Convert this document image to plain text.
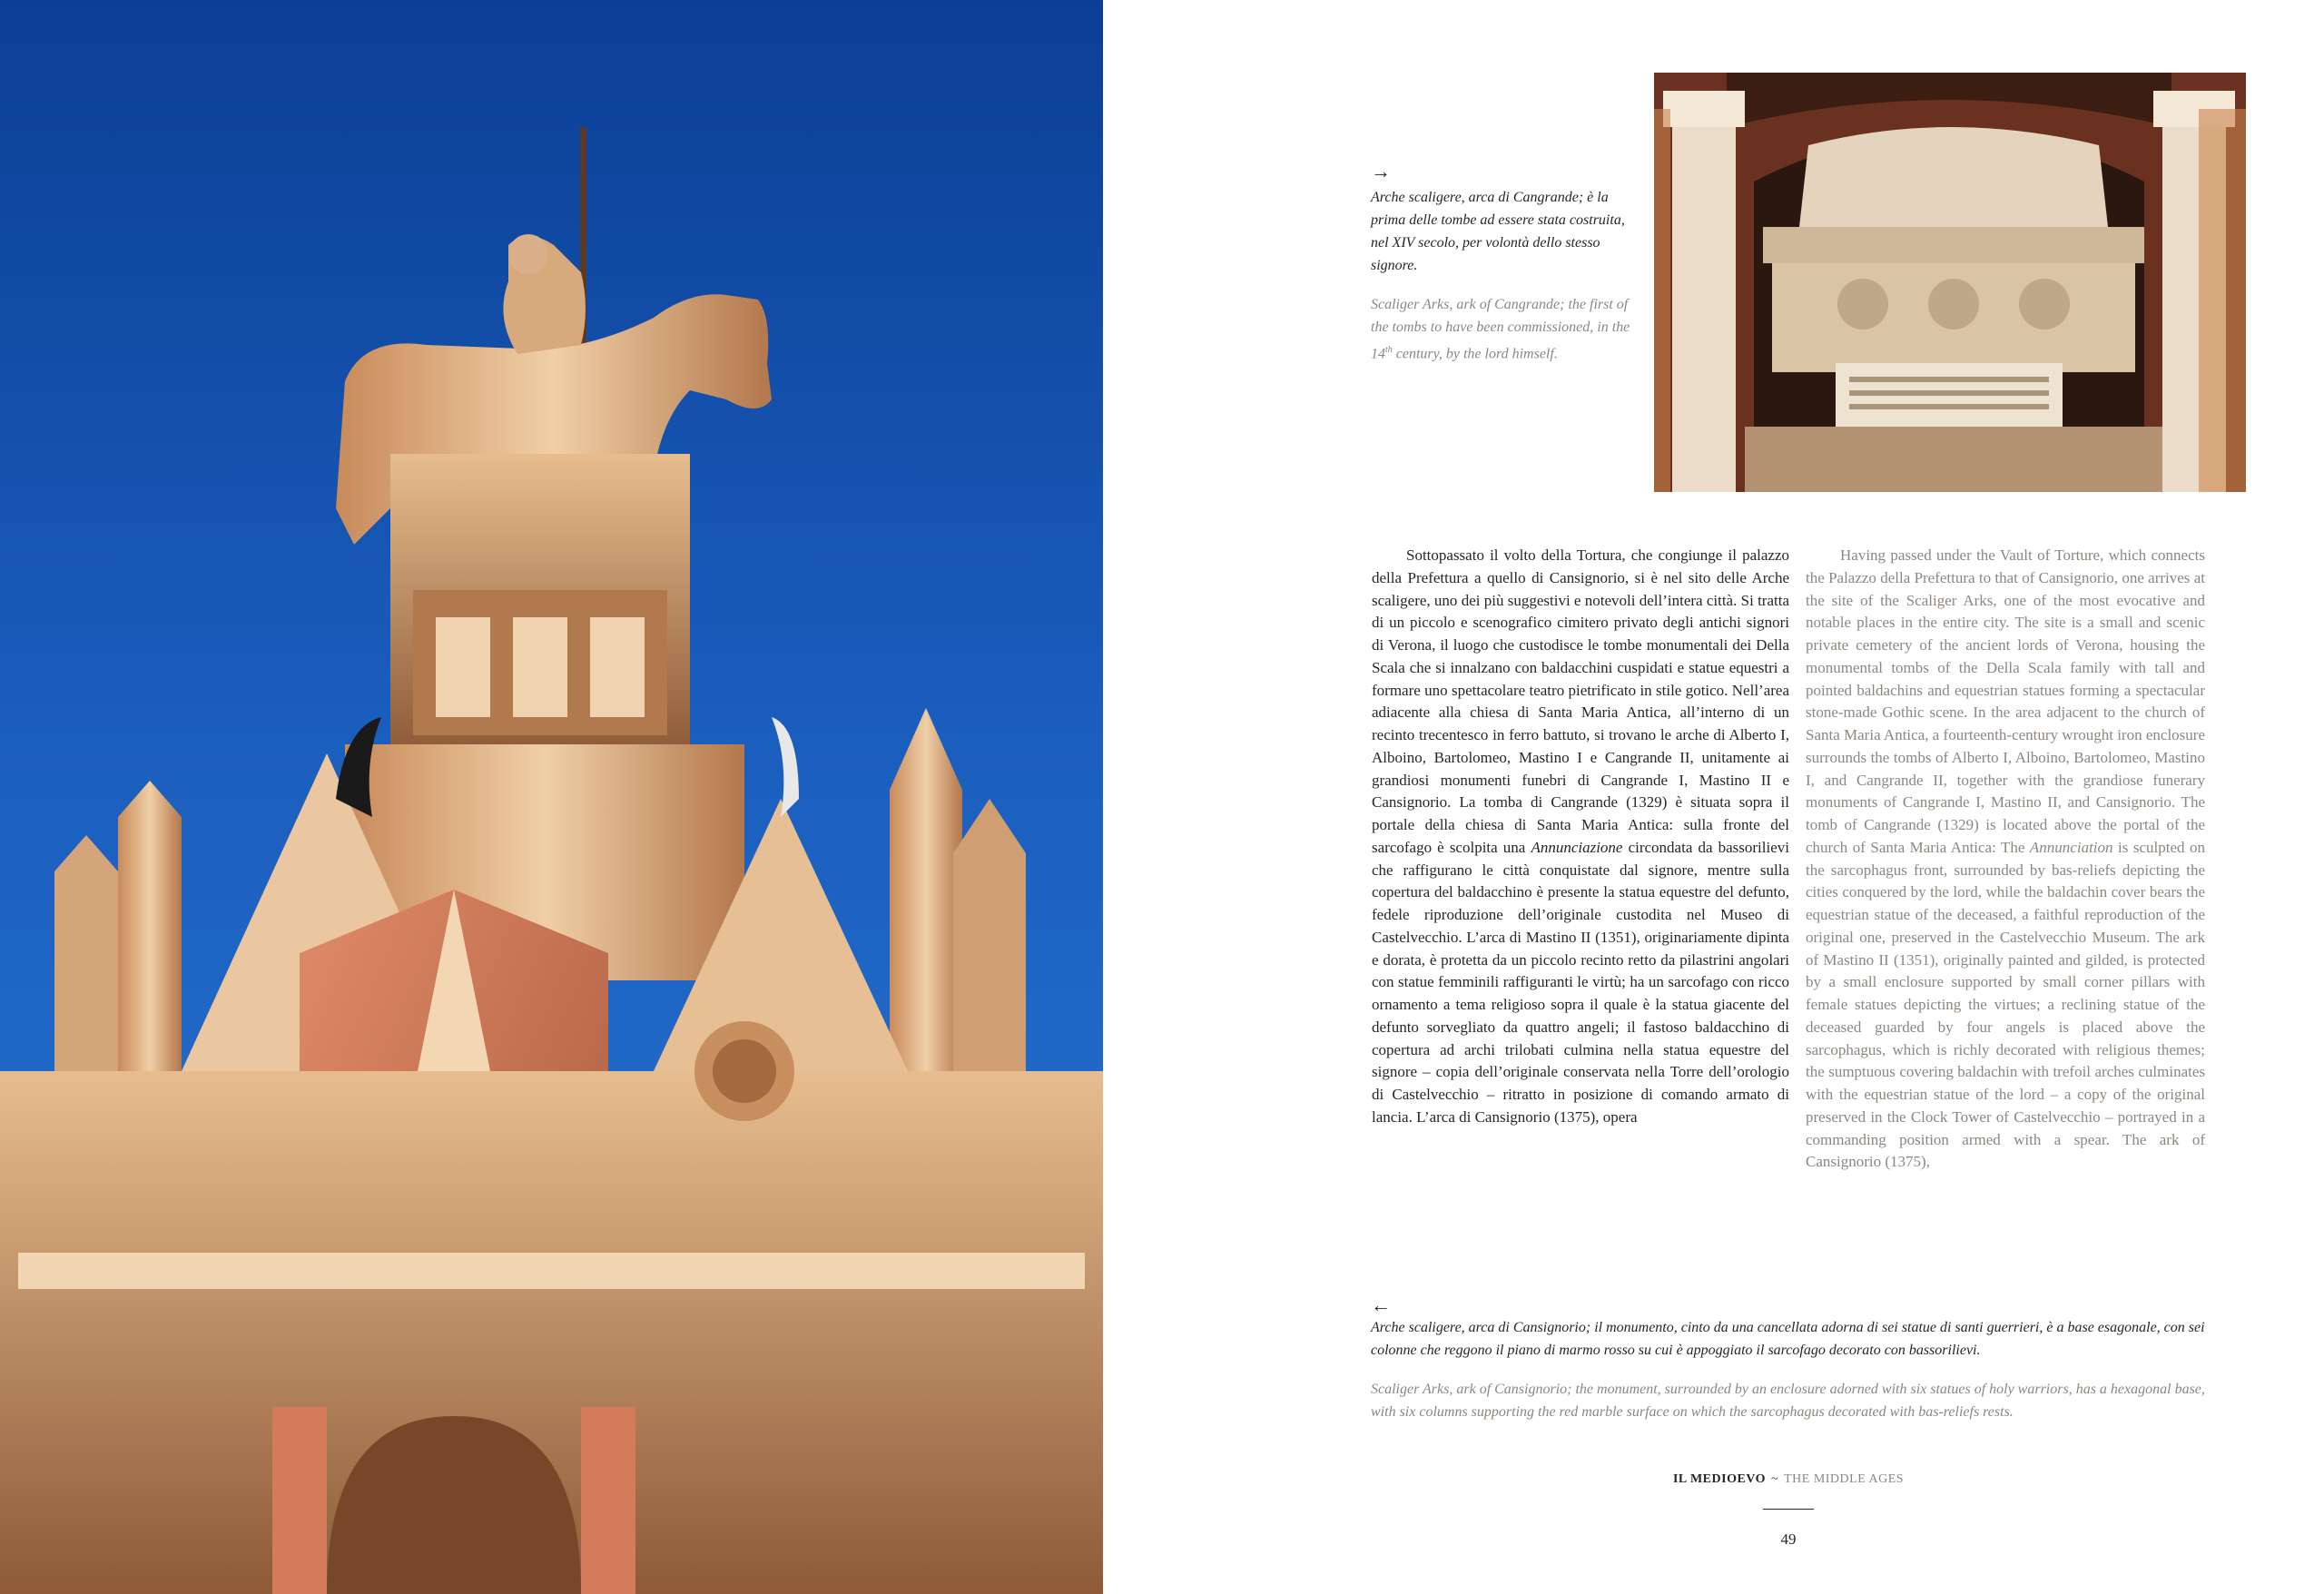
→

Arche scaligere, arca di Cangrande; è la prima delle tombe ad essere stata costruita, nel XIV secolo, per volontà dello stesso signore.

Scaliger Arks, ark of Cangrande; the first of the tombs to have been commissioned, in the 14th century, by the lord himself.

Sottopassato il volto della Tortura, che congiunge il palazzo della Prefettura a quello di Cansignorio, si è nel sito delle Arche scaligere, uno dei più suggestivi e notevoli dell’intera città. Si tratta di un piccolo e scenografico cimitero privato degli antichi signori di Verona, il luogo che custodisce le tombe monumentali dei Della Scala che si innalzano con baldacchini cuspidati e statue equestri a formare uno spettacolare teatro pietrificato in stile gotico. Nell’area adiacente alla chiesa di Santa Maria Antica, all’interno di un recinto trecentesco in ferro battuto, si trovano le arche di Alberto I, Alboino, Bartolomeo, Mastino I e Cangrande II, unitamente ai grandiosi monumenti funebri di Cangrande I, Mastino II e Cansignorio. La tomba di Cangrande (1329) è situata sopra il portale della chiesa di Santa Maria Antica: sulla fronte del sarcofago è scolpita una Annunciazione circondata da bassorilievi che raffigurano le città conquistate dal signore, mentre sulla copertura del baldacchino è presente la statua equestre del defunto, fedele riproduzione dell’originale custodita nel Museo di Castelvecchio. L’arca di Mastino II (1351), originariamente dipinta e dorata, è protetta da un piccolo recinto retto da pilastrini angolari con statue femminili raffiguranti le virtù; ha un sarcofago con ricco ornamento a tema religioso sopra il quale è la statua giacente del defunto sorvegliato da quattro angeli; il fastoso baldacchino di copertura ad archi trilobati culmina nella statua equestre del signore – copia dell’originale conservata nella Torre dell’orologio di Castelvecchio – ritratto in posizione di comando armato di lancia. L’arca di Cansignorio (1375), opera

Having passed under the Vault of Torture, which connects the Palazzo della Prefettura to that of Cansignorio, one arrives at the site of the Scaliger Arks, one of the most evocative and notable places in the entire city. The site is a small and scenic private cemetery of the ancient lords of Verona, housing the monumental tombs of the Della Scala family with tall and pointed baldachins and equestrian statues forming a spectacular stone-made Gothic scene. In the area adjacent to the church of Santa Maria Antica, a fourteenth-century wrought iron enclosure surrounds the tombs of Alberto I, Alboino, Bartolomeo, Mastino I, and Cangrande II, together with the grandiose funerary monuments of Cangrande I, Mastino II, and Cansignorio. The tomb of Cangrande (1329) is located above the portal of the church of Santa Maria Antica: The Annunciation is sculpted on the sarcophagus front, surrounded by bas-reliefs depicting the cities conquered by the lord, while the baldachin cover bears the equestrian statue of the deceased, a faithful reproduction of the original one, preserved in the Castelvecchio Museum. The ark of Mastino II (1351), originally painted and gilded, is protected by a small enclosure supported by small corner pillars with female statues depicting the virtues; a reclining statue of the deceased guarded by four angels is placed above the sarcophagus, which is richly decorated with religious themes; the sumptuous covering baldachin with trefoil arches culminates with the equestrian statue of the lord – a copy of the original preserved in the Clock Tower of Castelvecchio – portrayed in a commanding position armed with a spear. The ark of Cansignorio (1375),

←

Arche scaligere, arca di Cansignorio; il monumento, cinto da una cancellata adorna di sei statue di santi guerrieri, è a base esagonale, con sei colonne che reggono il piano di marmo rosso su cui è appoggiato il sarcofago decorato con bassorilievi.

Scaliger Arks, ark of Cansignorio; the monument, surrounded by an enclosure adorned with six statues of holy warriors, has a hexagonal base, with six columns supporting the red marble surface on which the sarcophagus decorated with bas-reliefs rests.

IL MEDIOEVO ~ THE MIDDLE AGES
49
